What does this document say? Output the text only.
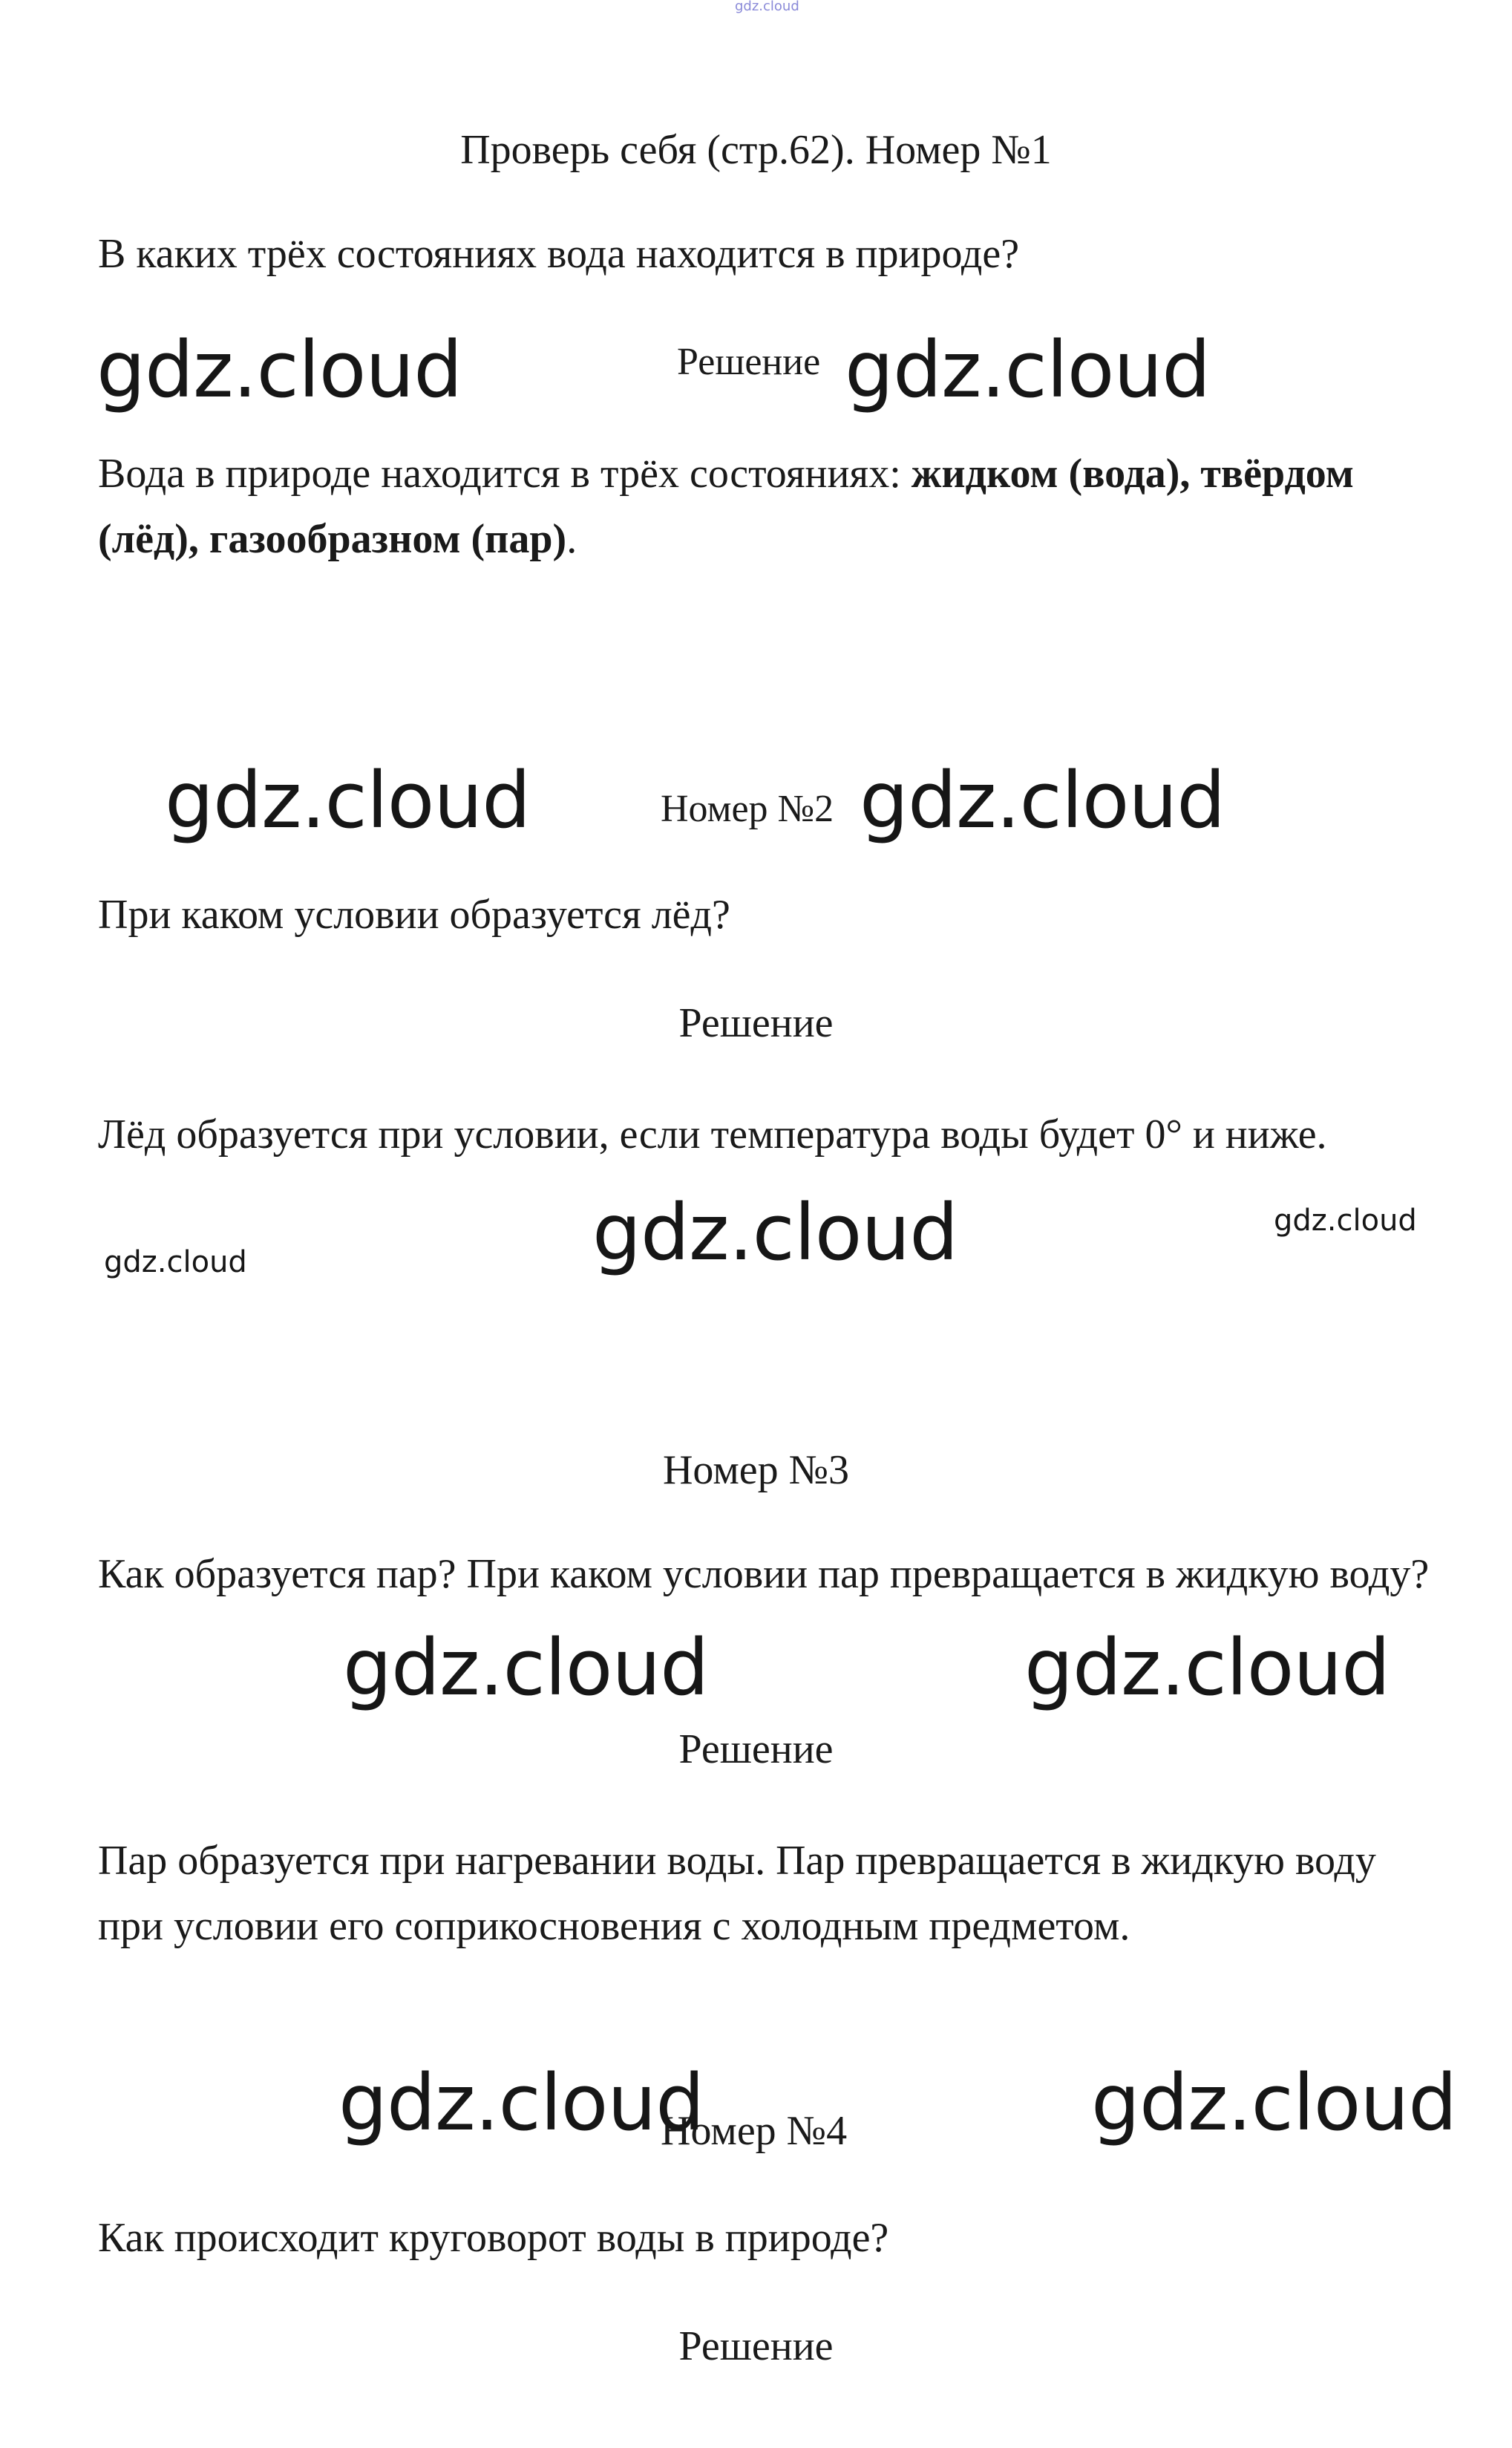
gdz.cloud

Проверь себя (стр.62). Номер №1

В каких трёх состояниях вода находится в природе?

Решение

Вода в природе находится в трёх состояниях: жидком (вода), твёрдом (лёд), газообразном (пар).

Номер №2

При каком условии образуется лёд?

Решение

Лёд образуется при условии, если температура воды будет 0° и ниже.

Номер №3

Как образуется пар? При каком условии пар превращается в жидкую воду?

Решение

Пар образуется при нагревании воды. Пар превращается в жидкую воду при условии его соприкосновения с холодным предметом.

Номер №4

Как происходит круговорот воды в природе?

Решение

gdz.cloud	gdz.cloud
gdz.cloud	gdz.cloud
gdz.cloud	gdz.cloud
gdz.cloud
gdz.cloud	gdz.cloud
gdz.cloud	gdz.cloud
